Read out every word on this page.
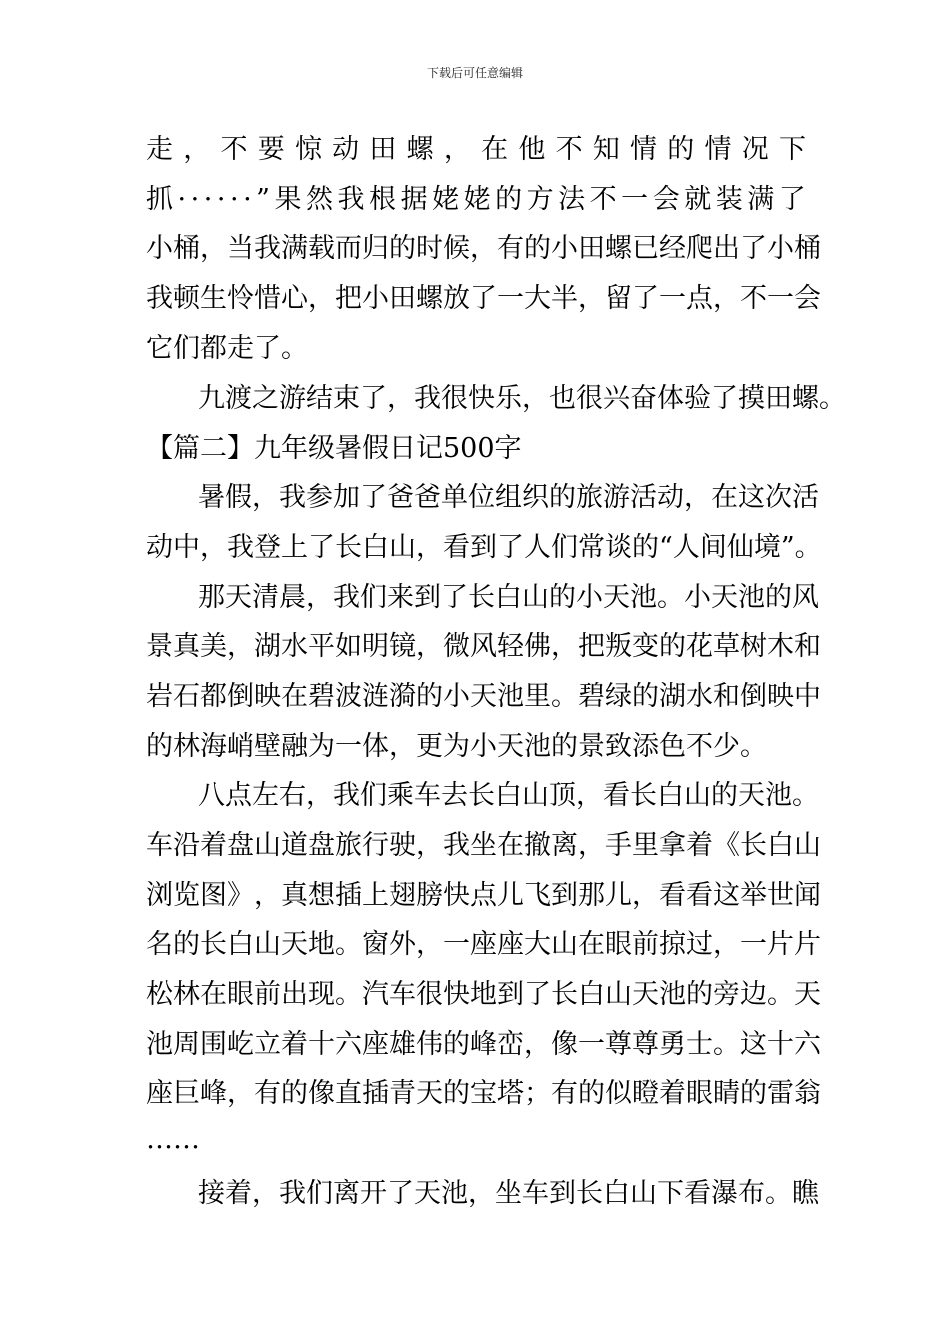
下载后可任意编辑
走 ， 不 要 惊 动 田 螺 ， 在 他 不 知 情 的 情 况 下
抓 · · · · · · ” 果 然 我 根 据 姥 姥 的 方 法 不 一 会 就 装 满 了
小 桶 ， 当 我 满 载 而 归 的 时 候 ， 有 的 小 田 螺 已 经 爬 出 了 小 桶
我 顿 生 怜 惜 心 ， 把 小 田 螺 放 了 一 大 半 ， 留 了 一 点 ， 不 一 会
它们都走了。
九渡之游结束了，我很快乐，也很兴奋体验了摸田螺。
【篇二】九年级暑假日记500字
暑 假 ， 我 参 加 了 爸 爸 单 位 组 织 的 旅 游 活 动 ， 在 这 次 活
动 中 ， 我 登 上 了 长 白 山 ， 看 到 了 人 们 常 谈 的 “ 人 间 仙 境 ” 。
那 天 清 晨 ， 我 们 来 到 了 长 白 山 的 小 天 池 。 小 天 池 的 风
景 真 美 ， 湖 水 平 如 明 镜 ， 微 风 轻 佛 ， 把 叛 变 的 花 草 树 木 和
岩 石 都 倒 映 在 碧 波 涟 漪 的 小 天 池 里 。 碧 绿 的 湖 水 和 倒 映 中
的林海峭壁融为一体，更为小天池的景致添色不少。
八 点 左 右 ， 我 们 乘 车 去 长 白 山 顶 ， 看 长 白 山 的 天 池 。
车 沿 着 盘 山 道 盘 旅 行 驶 ， 我 坐 在 撤 离 ， 手 里 拿 着 《 长 白 山
浏 览 图 》 ， 真 想 插 上 翅 膀 快 点 儿 飞 到 那 儿 ， 看 看 这 举 世 闻
名 的 长 白 山 天 地 。 窗 外 ， 一 座 座 大 山 在 眼 前 掠 过 ， 一 片 片
松 林 在 眼 前 出 现 。 汽 车 很 快 地 到 了 长 白 山 天 池 的 旁 边 。 天
池 周 围 屹 立 着 十 六 座 雄 伟 的 峰 峦 ， 像 一 尊 尊 勇 士 。 这 十 六
座 巨 峰 ， 有 的 像 直 插 青 天 的 宝 塔 ； 有 的 似 瞪 着 眼 睛 的 雷 翁
……
接 着 ， 我 们 离 开 了 天 池 ， 坐 车 到 长 白 山 下 看 瀑 布 。 瞧
